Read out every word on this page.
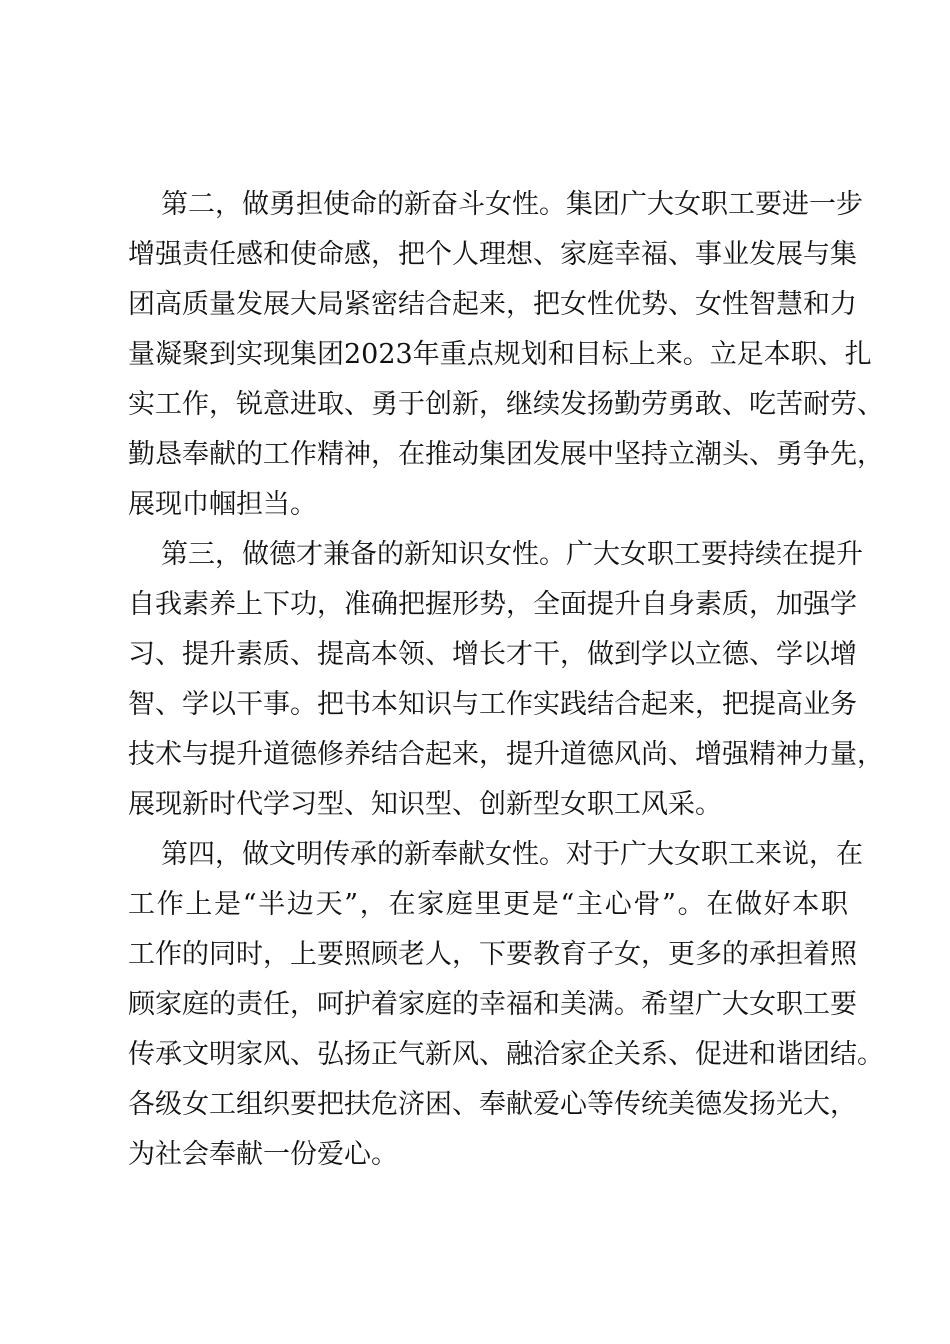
第二，做勇担使命的新奋斗女性。集团广大女职工要进一步
增强责任感和使命感，把个人理想、家庭幸福、事业发展与集
团高质量发展大局紧密结合起来，把女性优势、女性智慧和力
量凝聚到实现集团2023年重点规划和目标上来。立足本职、扎
实工作，锐意进取、勇于创新，继续发扬勤劳勇敢、吃苦耐劳、
勤恳奉献的工作精神，在推动集团发展中坚持立潮头、勇争先，
展现巾帼担当。
第三，做德才兼备的新知识女性。广大女职工要持续在提升
自我素养上下功，准确把握形势，全面提升自身素质，加强学
习、提升素质、提高本领、增长才干，做到学以立德、学以增
智、学以干事。把书本知识与工作实践结合起来，把提高业务
技术与提升道德修养结合起来，提升道德风尚、增强精神力量，
展现新时代学习型、知识型、创新型女职工风采。
第四，做文明传承的新奉献女性。对于广大女职工来说，在
工作上是“半边天”，在家庭里更是“主心骨”。在做好本职
工作的同时，上要照顾老人，下要教育子女，更多的承担着照
顾家庭的责任，呵护着家庭的幸福和美满。希望广大女职工要
传承文明家风、弘扬正气新风、融洽家企关系、促进和谐团结。
各级女工组织要把扶危济困、奉献爱心等传统美德发扬光大，
为社会奉献一份爱心。
